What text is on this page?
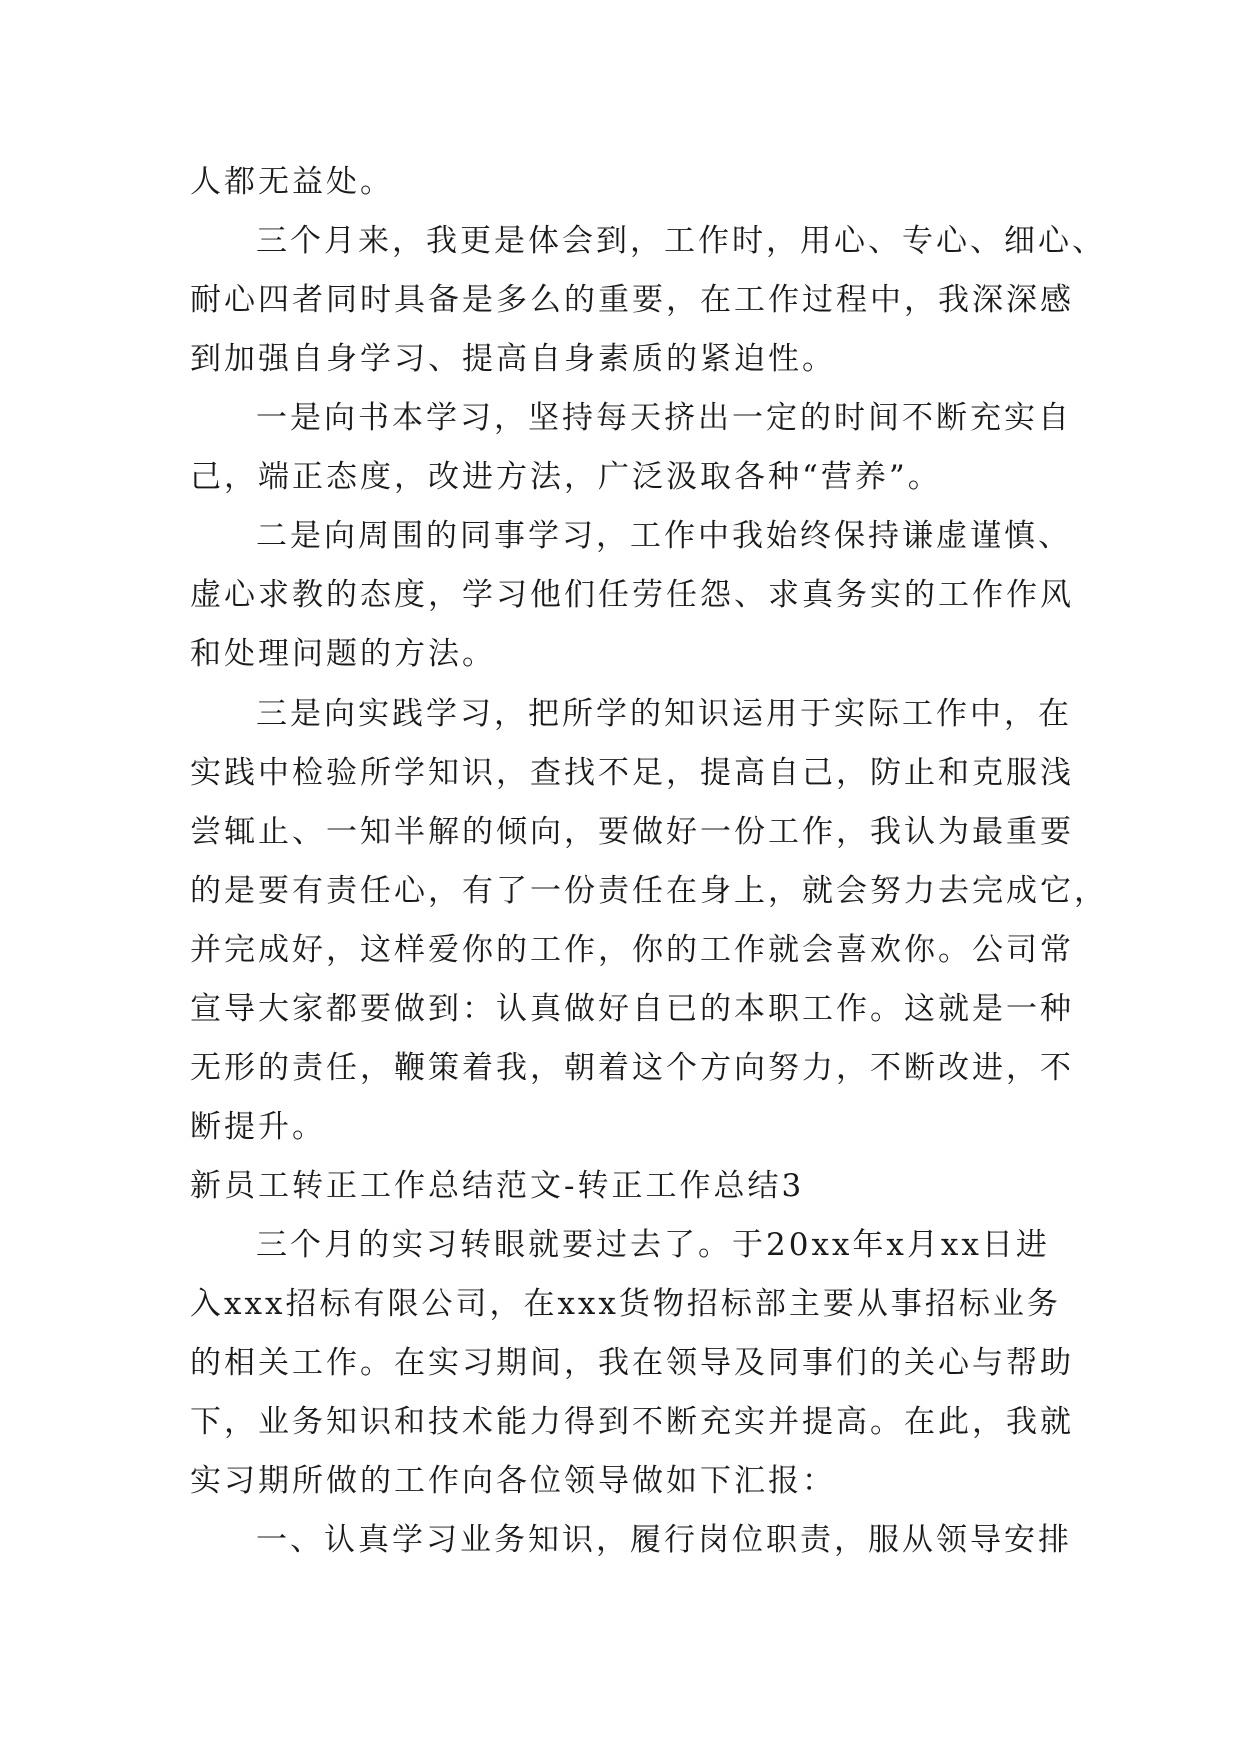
人都无益处。

三个月来，我更是体会到，工作时，用心、专心、细心、

耐心四者同时具备是多么的重要，在工作过程中，我深深感

到加强自身学习、提高自身素质的紧迫性。

一是向书本学习，坚持每天挤出一定的时间不断充实自

己，端正态度，改进方法，广泛汲取各种“营养”。

二是向周围的同事学习，工作中我始终保持谦虚谨慎、

虚心求教的态度，学习他们任劳任怨、求真务实的工作作风

和处理问题的方法。

三是向实践学习，把所学的知识运用于实际工作中，在

实践中检验所学知识，查找不足，提高自己，防止和克服浅

尝辄止、一知半解的倾向，要做好一份工作，我认为最重要

的是要有责任心，有了一份责任在身上，就会努力去完成它，

并完成好，这样爱你的工作，你的工作就会喜欢你。公司常

宣导大家都要做到：认真做好自已的本职工作。这就是一种

无形的责任，鞭策着我，朝着这个方向努力，不断改进，不

断提升。

新员工转正工作总结范文-转正工作总结3

三个月的实习转眼就要过去了。于20xx年x月xx日进

入xxx招标有限公司，在xxx货物招标部主要从事招标业务

的相关工作。在实习期间，我在领导及同事们的关心与帮助

下，业务知识和技术能力得到不断充实并提高。在此，我就

实习期所做的工作向各位领导做如下汇报：

一、认真学习业务知识，履行岗位职责，服从领导安排
